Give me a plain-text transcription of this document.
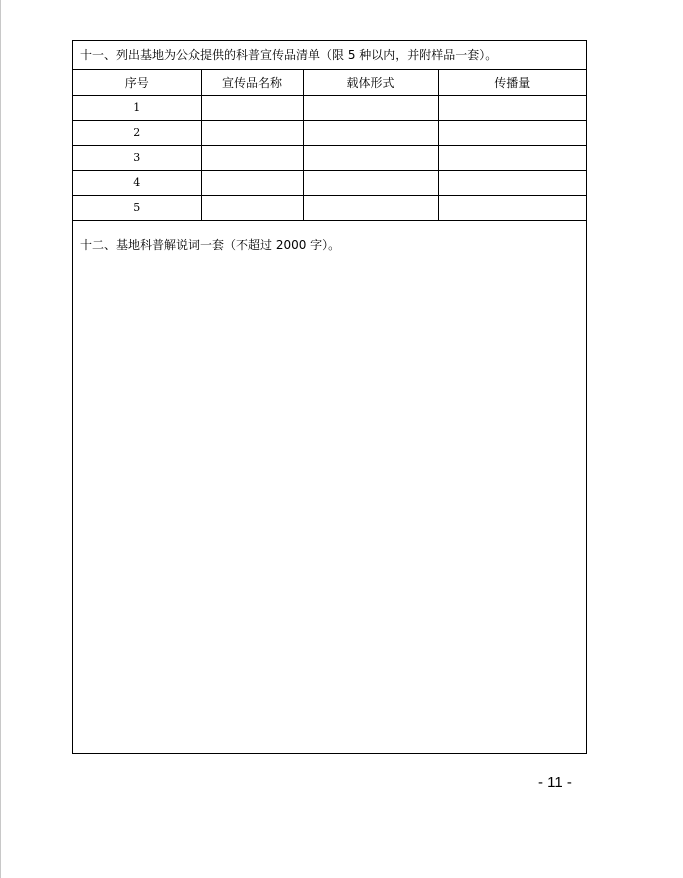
十一、列出基地为公众提供的科普宣传品清单（限 5 种以内，并附样品一套）。
序号	宣传品名称	载体形式	传播量
1			
2			
3			
4			
5			
十二、基地科普解说词一套（不超过 2000 字）。
- 11 -
